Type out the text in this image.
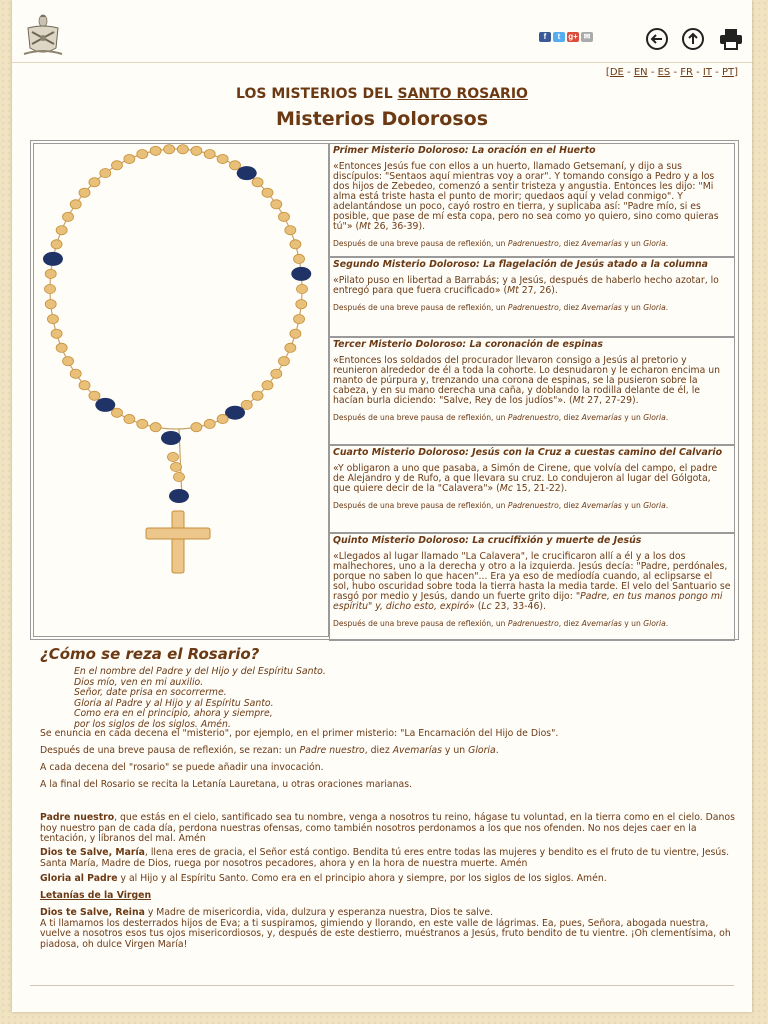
f	t g+ ✉
[DE - EN - ES - FR - IT - PT]
LOS MISTERIOS DEL SANTO ROSARIO
Misterios Dolorosos
Primer Misterio Doloroso: La oración en el Huerto

«Entonces Jesús fue con ellos a un huerto, llamado Getsemaní, y dijo a sus discípulos: "Sentaos aquí mientras voy a orar". Y tomando consigo a Pedro y a los dos hijos de Zebedeo, comenzó a sentir tristeza y angustia. Entonces les dijo: "Mi alma está triste hasta el punto de morir; quedaos aquí y velad conmigo". Y adelantándose un poco, cayó rostro en tierra, y suplicaba así: "Padre mío, si es posible, que pase de mí esta copa, pero no sea como yo quiero, sino como quieras tú"» (Mt 26, 36-39).

Después de una breve pausa de reflexión, un Padrenuestro, diez Avemarías y un Gloria.

Segundo Misterio Doloroso: La flagelación de Jesús atado a la columna

«Pilato puso en libertad a Barrabás; y a Jesús, después de haberlo hecho azotar, lo entregó para que fuera crucificado» (Mt 27, 26).

Después de una breve pausa de reflexión, un Padrenuestro, diez Avemarías y un Gloria.

Tercer Misterio Doloroso: La coronación de espinas

«Entonces los soldados del procurador llevaron consigo a Jesús al pretorio y reunieron alrededor de él a toda la cohorte. Lo desnudaron y le echaron encima un manto de púrpura y, trenzando una corona de espinas, se la pusieron sobre la cabeza, y en su mano derecha una caña, y doblando la rodilla delante de él, le hacían burla diciendo: "Salve, Rey de los judíos"». (Mt 27, 27-29).

Después de una breve pausa de reflexión, un Padrenuestro, diez Avemarías y un Gloria.

Cuarto Misterio Doloroso: Jesús con la Cruz a cuestas camino del Calvario

«Y obligaron a uno que pasaba, a Simón de Cirene, que volvía del campo, el padre de Alejandro y de Rufo, a que llevara su cruz. Lo condujeron al lugar del Gólgota, que quiere decir de la "Calavera"» (Mc 15, 21-22).

Después de una breve pausa de reflexión, un Padrenuestro, diez Avemarías y un Gloria.

Quinto Misterio Doloroso: La crucifixión y muerte de Jesús

«Llegados al lugar llamado "La Calavera", le crucificaron allí a él y a los dos malhechores, uno a la derecha y otro a la izquierda. Jesús decía: "Padre, perdónales, porque no saben lo que hacen"... Era ya eso de mediodía cuando, al eclipsarse el sol, hubo oscuridad sobre toda la tierra hasta la media tarde. El velo del Santuario se rasgó por medio y Jesús, dando un fuerte grito dijo: "Padre, en tus manos pongo mi espíritu" y, dicho esto, expiró» (Lc 23, 33-46).

Después de una breve pausa de reflexión, un Padrenuestro, diez Avemarías y un Gloria.

¿Cómo se reza el Rosario?
En el nombre del Padre y del Hijo y del Espíritu Santo.
Dios mío, ven en mi auxilio.
Señor, date prisa en socorrerme.
Gloria al Padre y al Hijo y al Espíritu Santo.
Como era en el principio, ahora y siempre,
por los siglos de los siglos. Amén.
Se enuncia en cada decena el "misterio", por ejemplo, en el primer misterio: "La Encarnación del Hijo de Dios".
Después de una breve pausa de reflexión, se rezan: un Padre nuestro, diez Avemarías y un Gloria.
A cada decena del "rosario" se puede añadir una invocación.
A la final del Rosario se recita la Letanía Lauretana, u otras oraciones marianas.
Padre nuestro, que estás en el cielo, santificado sea tu nombre, venga a nosotros tu reino, hágase tu voluntad, en la tierra como en el cielo. Danos hoy nuestro pan de cada día, perdona nuestras ofensas, como también nosotros perdonamos a los que nos ofenden. No nos dejes caer en la tentación, y líbranos del mal. Amén
Dios te Salve, María, llena eres de gracia, el Señor está contigo. Bendita tú eres entre todas las mujeres y bendito es el fruto de tu vientre, Jesús. Santa María, Madre de Dios, ruega por nosotros pecadores, ahora y en la hora de nuestra muerte. Amén
Gloria al Padre y al Hijo y al Espíritu Santo. Como era en el principio ahora y siempre, por los siglos de los siglos. Amén.
Letanías de la Virgen
Dios te Salve, Reina y Madre de misericordia, vida, dulzura y esperanza nuestra, Dios te salve.
A ti llamamos los desterrados hijos de Eva; a ti suspiramos, gimiendo y llorando, en este valle de lágrimas. Ea, pues, Señora, abogada nuestra, vuelve a nosotros esos tus ojos misericordiosos, y, después de este destierro, muéstranos a Jesús, fruto bendito de tu vientre. ¡Oh clementísima, oh piadosa, oh dulce Virgen María!
